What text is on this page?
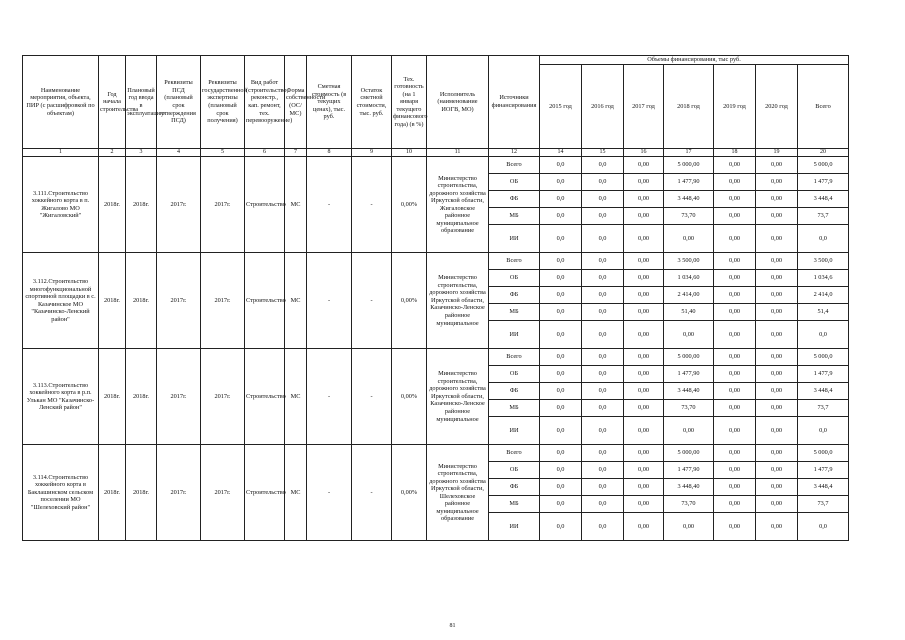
Наименование мероприятия, объекта, ПИР (с расшифровкой по объектам)	Год начала строительства	Плановый год ввода в эксплуатацию	Реквизиты ПСД (плановый срок утверждения ПСД)	Реквизиты государственной экспертизы (плановый срок получения)	Вид работ (строительство, реконстр., кап. ремонт, тех. перевооружение)	Форма собственности (ОС/МС)	Сметная стоимость (в текущих ценах), тыс. руб.	Остаток сметной стоимости, тыс. руб.	Тех. готовность (на 1 января текущего финансового года) (в %)	Исполнитель (наименование ИОГВ, МО)	Источники финансирования	Объемы финансирования, тыс руб.						
												2015 год	2016 год	2017 год	2018 год	2019 год	2020 год	Всего
1	2	3	4	5	6	7	8	9	10	11	12	14	15	16	17	18	19	20
3.111.Строительство хоккейного корта в п. Жигалово МО "Жигаловский"	2018г.	2018г.	2017г.	2017г.	Строительство	МС	-	-	0,00%	Министерство строительства, дорожного хозяйства Иркутской области, Жигаловское районное муниципальное образование	Всего	0,0	0,0	0,00	5 000,00	0,00	0,00	5 000,0
											ОБ	0,0	0,0	0,00	1 477,90	0,00	0,00	1 477,9
											ФБ	0,0	0,0	0,00	3 448,40	0,00	0,00	3 448,4
											МБ	0,0	0,0	0,00	73,70	0,00	0,00	73,7
											ИИ	0,0	0,0	0,00	0,00	0,00	0,00	0,0
3.112.Строительство многофункциональной спортивной площадки в с. Казачинское МО "Казачинско-Ленский район"	2018г.	2018г.	2017г.	2017г.	Строительство	МС	-	-	0,00%	Министерство строительства, дорожного хозяйства Иркутской области, Казачинско-Ленское районное муниципальное	Всего	0,0	0,0	0,00	3 500,00	0,00	0,00	3 500,0
											ОБ	0,0	0,0	0,00	1 034,60	0,00	0,00	1 034,6
											ФБ	0,0	0,0	0,00	2 414,00	0,00	0,00	2 414,0
											МБ	0,0	0,0	0,00	51,40	0,00	0,00	51,4
											ИИ	0,0	0,0	0,00	0,00	0,00	0,00	0,0
3.113.Строительство хоккейного корта в р.п. Улькан МО "Казачинско-Ленский район"	2018г.	2018г.	2017г.	2017г.	Строительство	МС	-	-	0,00%	Министерство строительства, дорожного хозяйства Иркутской области, Казачинско-Ленское районное муниципальное	Всего	0,0	0,0	0,00	5 000,00	0,00	0,00	5 000,0
											ОБ	0,0	0,0	0,00	1 477,90	0,00	0,00	1 477,9
											ФБ	0,0	0,0	0,00	3 448,40	0,00	0,00	3 448,4
											МБ	0,0	0,0	0,00	73,70	0,00	0,00	73,7
											ИИ	0,0	0,0	0,00	0,00	0,00	0,00	0,0
3.114.Строительство хоккейного корта в Баклашинском сельском поселении МО "Шелеховский район"	2018г.	2018г.	2017г.	2017г.	Строительство	МС	-	-	0,00%	Министерство строительства, дорожного хозяйства Иркутской области, Шелеховское районное муниципальное образование	Всего	0,0	0,0	0,00	5 000,00	0,00	0,00	5 000,0
											ОБ	0,0	0,0	0,00	1 477,90	0,00	0,00	1 477,9
											ФБ	0,0	0,0	0,00	3 448,40	0,00	0,00	3 448,4
											МБ	0,0	0,0	0,00	73,70	0,00	0,00	73,7
											ИИ	0,0	0,0	0,00	0,00	0,00	0,00	0,0
81
